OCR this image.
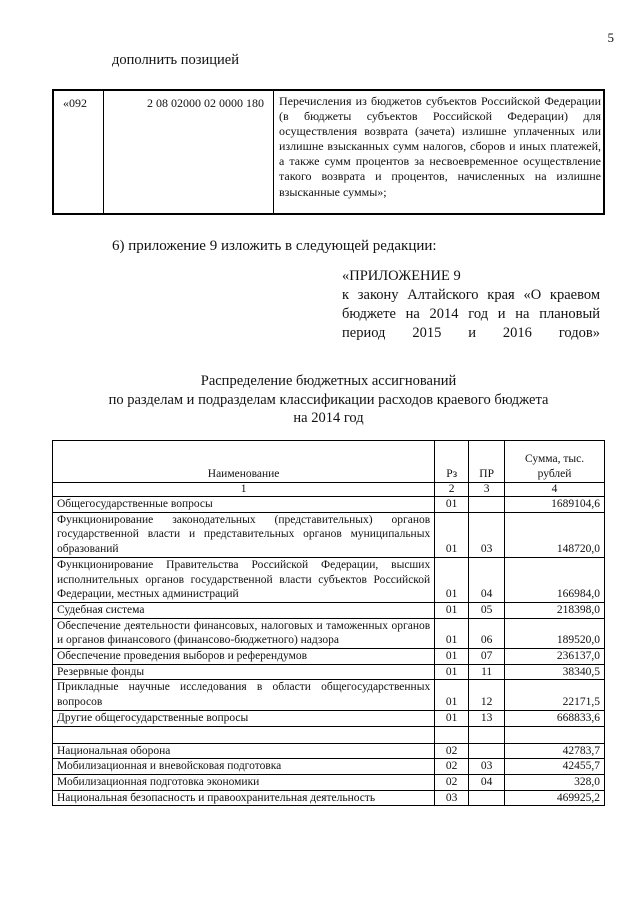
5
дополнить позицией
«092	2 08 02000 02 0000 180 Перечисления из бюджетов субъектов Российской Федерации (в бюджеты субъектов Российской Федерации) для осуществления возврата (зачета) излишне уплаченных или излишне взысканных сумм налогов, сборов и иных платежей, а также сумм процентов за несвоевременное осуществление такого возврата и процентов, начисленных на излишне взысканные суммы»;
6) приложение 9 изложить в следующей редакции:
«ПРИЛОЖЕНИЕ 9
к закону Алтайского края «О краевом бюджете на 2014 год и на плановый период 2015 и 2016 годов»
Распределение бюджетных ассигнований
по разделам и подразделам классификации расходов краевого бюджета
на 2014 год
Наименование	Рз	ПР	Сумма, тыс. рублей
1	2	3	4
Общегосударственные вопросы	01		1689104,6
Функционирование законодательных (представительных) органов государственной власти и представительных органов муниципальных образований	01	03	148720,0
Функционирование Правительства Российской Федерации, высших исполнительных органов государственной власти субъектов Российской Федерации, местных администраций	01	04	166984,0
Судебная система	01	05	218398,0
Обеспечение деятельности финансовых, налоговых и таможенных органов и органов финансового (финансово-бюджетного) надзора	01	06	189520,0
Обеспечение проведения выборов и референдумов	01	07	236137,0
Резервные фонды	01	11	38340,5
Прикладные научные исследования в области общегосударственных вопросов	01	12	22171,5
Другие общегосударственные вопросы	01	13	668833,6

Национальная оборона	02		42783,7
Мобилизационная и вневойсковая подготовка	02	03	42455,7
Мобилизационная подготовка экономики	02	04	328,0
Национальная безопасность и правоохранительная деятельность	03		469925,2
